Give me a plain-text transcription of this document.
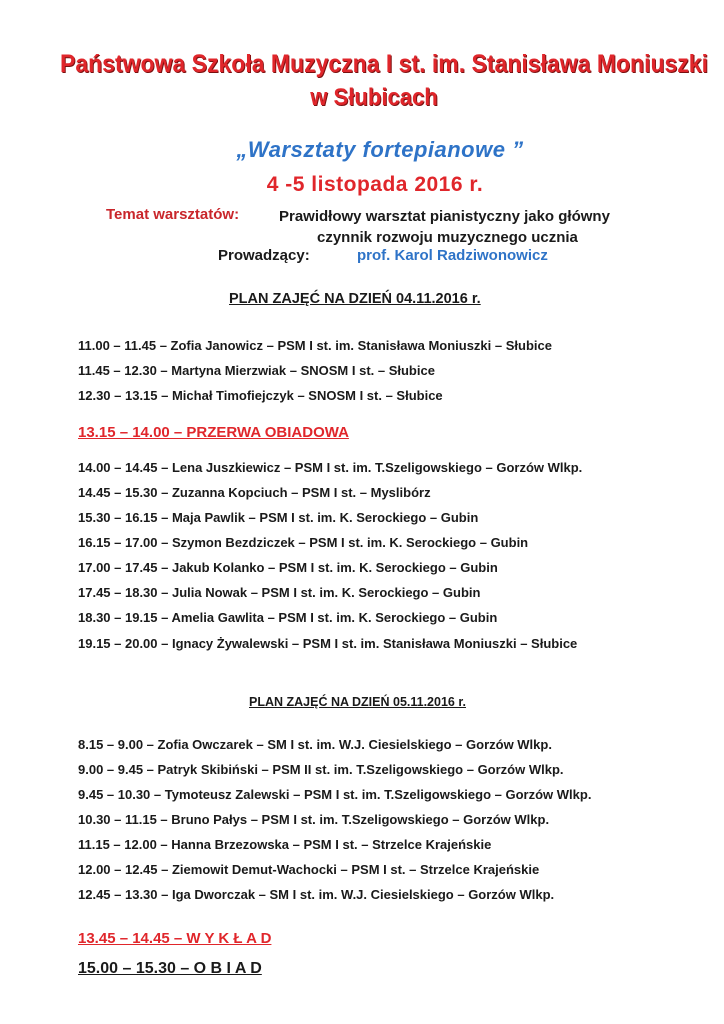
Państwowa Szkoła Muzyczna I st. im. Stanisława Moniuszki
w Słubicach
„Warsztaty fortepianowe ”
4 -5 listopada 2016 r.
Temat warsztatów:	Prawidłowy warsztat pianistyczny jako główny
czynnik rozwoju muzycznego ucznia
Prowadzący:	prof. Karol Radziwonowicz
PLAN ZAJĘĆ NA DZIEŃ 04.11.2016 r.
11.00 – 11.45 – Zofia Janowicz – PSM I st. im. Stanisława Moniuszki – Słubice
11.45 – 12.30 – Martyna Mierzwiak – SNOSM I st. – Słubice
12.30 – 13.15 – Michał Timofiejczyk – SNOSM I st. – Słubice
13.15 – 14.00 – PRZERWA OBIADOWA
14.00 – 14.45 – Lena Juszkiewicz – PSM I st. im. T.Szeligowskiego – Gorzów Wlkp.
14.45 – 15.30 – Zuzanna Kopciuch – PSM I st. – Myslibórz
15.30 – 16.15 – Maja Pawlik – PSM I st. im. K. Serockiego – Gubin
16.15 – 17.00 – Szymon Bezdziczek – PSM I st. im. K. Serockiego – Gubin
17.00 – 17.45 – Jakub Kolanko – PSM I st. im. K. Serockiego – Gubin
17.45 – 18.30 – Julia Nowak – PSM I st. im. K. Serockiego – Gubin
18.30 – 19.15 – Amelia Gawlita – PSM I st. im. K. Serockiego – Gubin
19.15 – 20.00 – Ignacy Żywalewski – PSM I st. im. Stanisława Moniuszki – Słubice
PLAN ZAJĘĆ NA DZIEŃ 05.11.2016 r.
8.15 – 9.00 – Zofia Owczarek – SM I st. im. W.J. Ciesielskiego – Gorzów Wlkp.
9.00 – 9.45 – Patryk Skibiński – PSM II st. im. T.Szeligowskiego – Gorzów Wlkp.
9.45 – 10.30 – Tymoteusz Zalewski – PSM I st. im. T.Szeligowskiego – Gorzów Wlkp.
10.30 – 11.15 – Bruno Pałys – PSM I st. im. T.Szeligowskiego – Gorzów Wlkp.
11.15 – 12.00 – Hanna Brzezowska – PSM I st. – Strzelce Krajeńskie
12.00 – 12.45 – Ziemowit Demut-Wachocki – PSM I st. – Strzelce Krajeńskie
12.45 – 13.30 – Iga Dworczak – SM I st. im. W.J. Ciesielskiego – Gorzów Wlkp.
13.45 – 14.45 – W Y K Ł A D
15.00 – 15.30 – O B I A D
